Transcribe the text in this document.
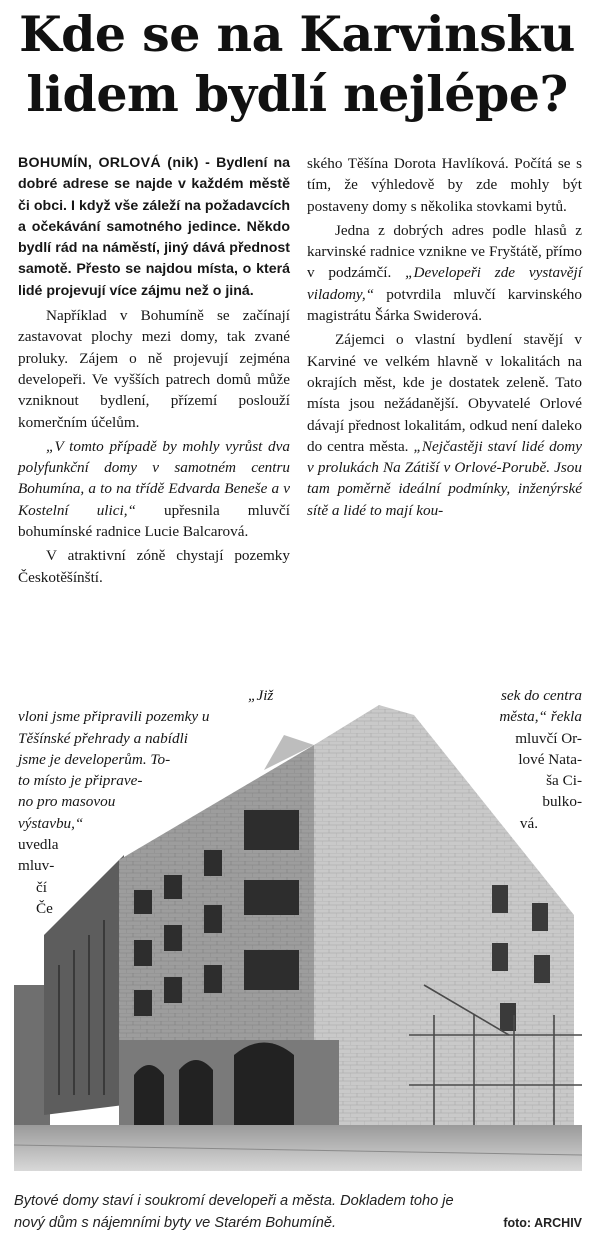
Kde se na Karvinsku
lidem bydlí nejlépe?

BOHUMÍN, ORLOVÁ (nik) - Bydlení na dobré adrese se najde v každém městě či obci. I když vše záleží na požadavcích a očekávání samotného jedince. Někdo bydlí rád na náměstí, jiný dává přednost samotě. Přesto se najdou místa, o která lidé projevují více zájmu než o jiná.

Například v Bohumíně se začínají zastavovat plochy mezi domy, tak zvané proluky. Zájem o ně projevují zejména developeři. Ve vyšších patrech domů může vzniknout bydlení, přízemí poslouží komerčním účelům.

„V tomto případě by mohly vyrůst dva polyfunkční domy v samotném centru Bohumína, a to na třídě Edvarda Beneše a v Kostelní ulici,“ upřesnila mluvčí bohumínské radnice Lucie Balcarová.

V atraktivní zóně chystají pozemky Českotěšínští.

ského Těšína Dorota Havlíková. Počítá se s tím, že výhledově by zde mohly být postaveny domy s několika stovkami bytů.

Jedna z dobrých adres podle hlasů z karvinské radnice vznikne ve Fryštátě, přímo v podzámčí. „Developeři zde vystavějí viladomy,“ potvrdila mluvčí karvinského magistrátu Šárka Swiderová.

Zájemci o vlastní bydlení stavějí v Karviné ve velkém hlavně v lokalitách na okrajích měst, kde je dostatek zeleně. Tato místa jsou nežádanější. Obyvatelé Orlové dávají přednost lokalitám, odkud není daleko do centra města. „Nejčastěji staví lidé domy v prolukách Na Zátiší v Orlové-Porubě. Jsou tam poměrně ideální podmínky, inženýrské sítě a lidé to mají kou-

„Již
vloni jsme připravili pozemky u
Těšínské přehrady a nabídli
jsme je developerům. To-
to místo je připrave-
no pro masovou
výstavbu,“
uvedla
mluv-
čí
Če
sek do centra
města,“ řekla
mluvčí Or-
lové Nata-
ša Ci-
bulko-
vá.
Bytové domy staví i soukromí developeři a města. Dokladem toho je
nový dům s nájemními byty ve Starém Bohumíně.	foto: ARCHIV
